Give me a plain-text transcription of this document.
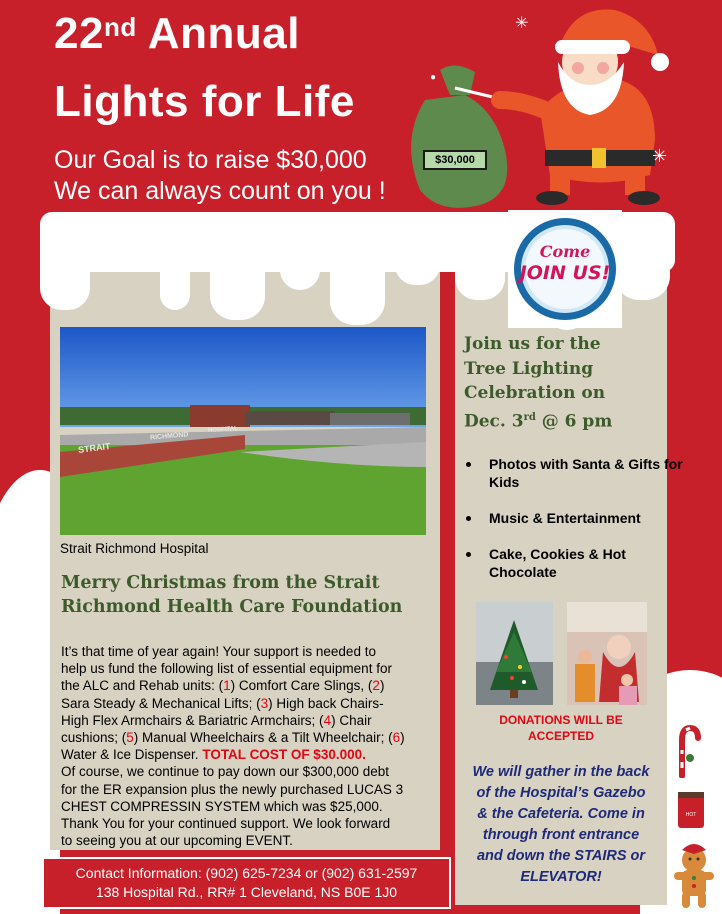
22nd Annual
Lights for Life
Our Goal is to raise $30,000
We can always count on you !
✳
●
✳
$30,000
Come
JOIN US!
STRAIT
RICHMOND
HOSPITAL
Strait Richmond Hospital
Merry Christmas from the Strait
Richmond Health Care Foundation
It’s that time of year again! Your support is needed to
help us fund the following list of essential equipment for
the ALC and Rehab units: (1) Comfort Care Slings, (2)
Sara Steady & Mechanical Lifts; (3) High back Chairs-
High Flex Armchairs & Bariatric Armchairs; (4) Chair
cushions; (5) Manual Wheelchairs & a Tilt Wheelchair; (6)
Water & Ice Dispenser. TOTAL COST OF $30.000.
Of course, we continue to pay down our $300,000 debt
for the ER expansion plus the newly purchased LUCAS 3
CHEST COMPRESSIN SYSTEM which was $25,000.
Thank You for your continued support. We look forward
to seeing you at our upcoming EVENT.
Contact Information: (902) 625-7234 or (902) 631-2597
138 Hospital Rd., RR# 1 Cleveland, NS B0E 1J0
Join us for the
Tree Lighting
Celebration on
Dec. 3rd @ 6 pm
Photos with Santa & Gifts for Kids
Music & Entertainment
Cake, Cookies & Hot Chocolate
DONATIONS WILL BE
ACCEPTED
We will gather in the back
of the Hospital’s Gazebo
& the Cafeteria. Come in
through front entrance
and down the STAIRS or
ELEVATOR!
HOT
